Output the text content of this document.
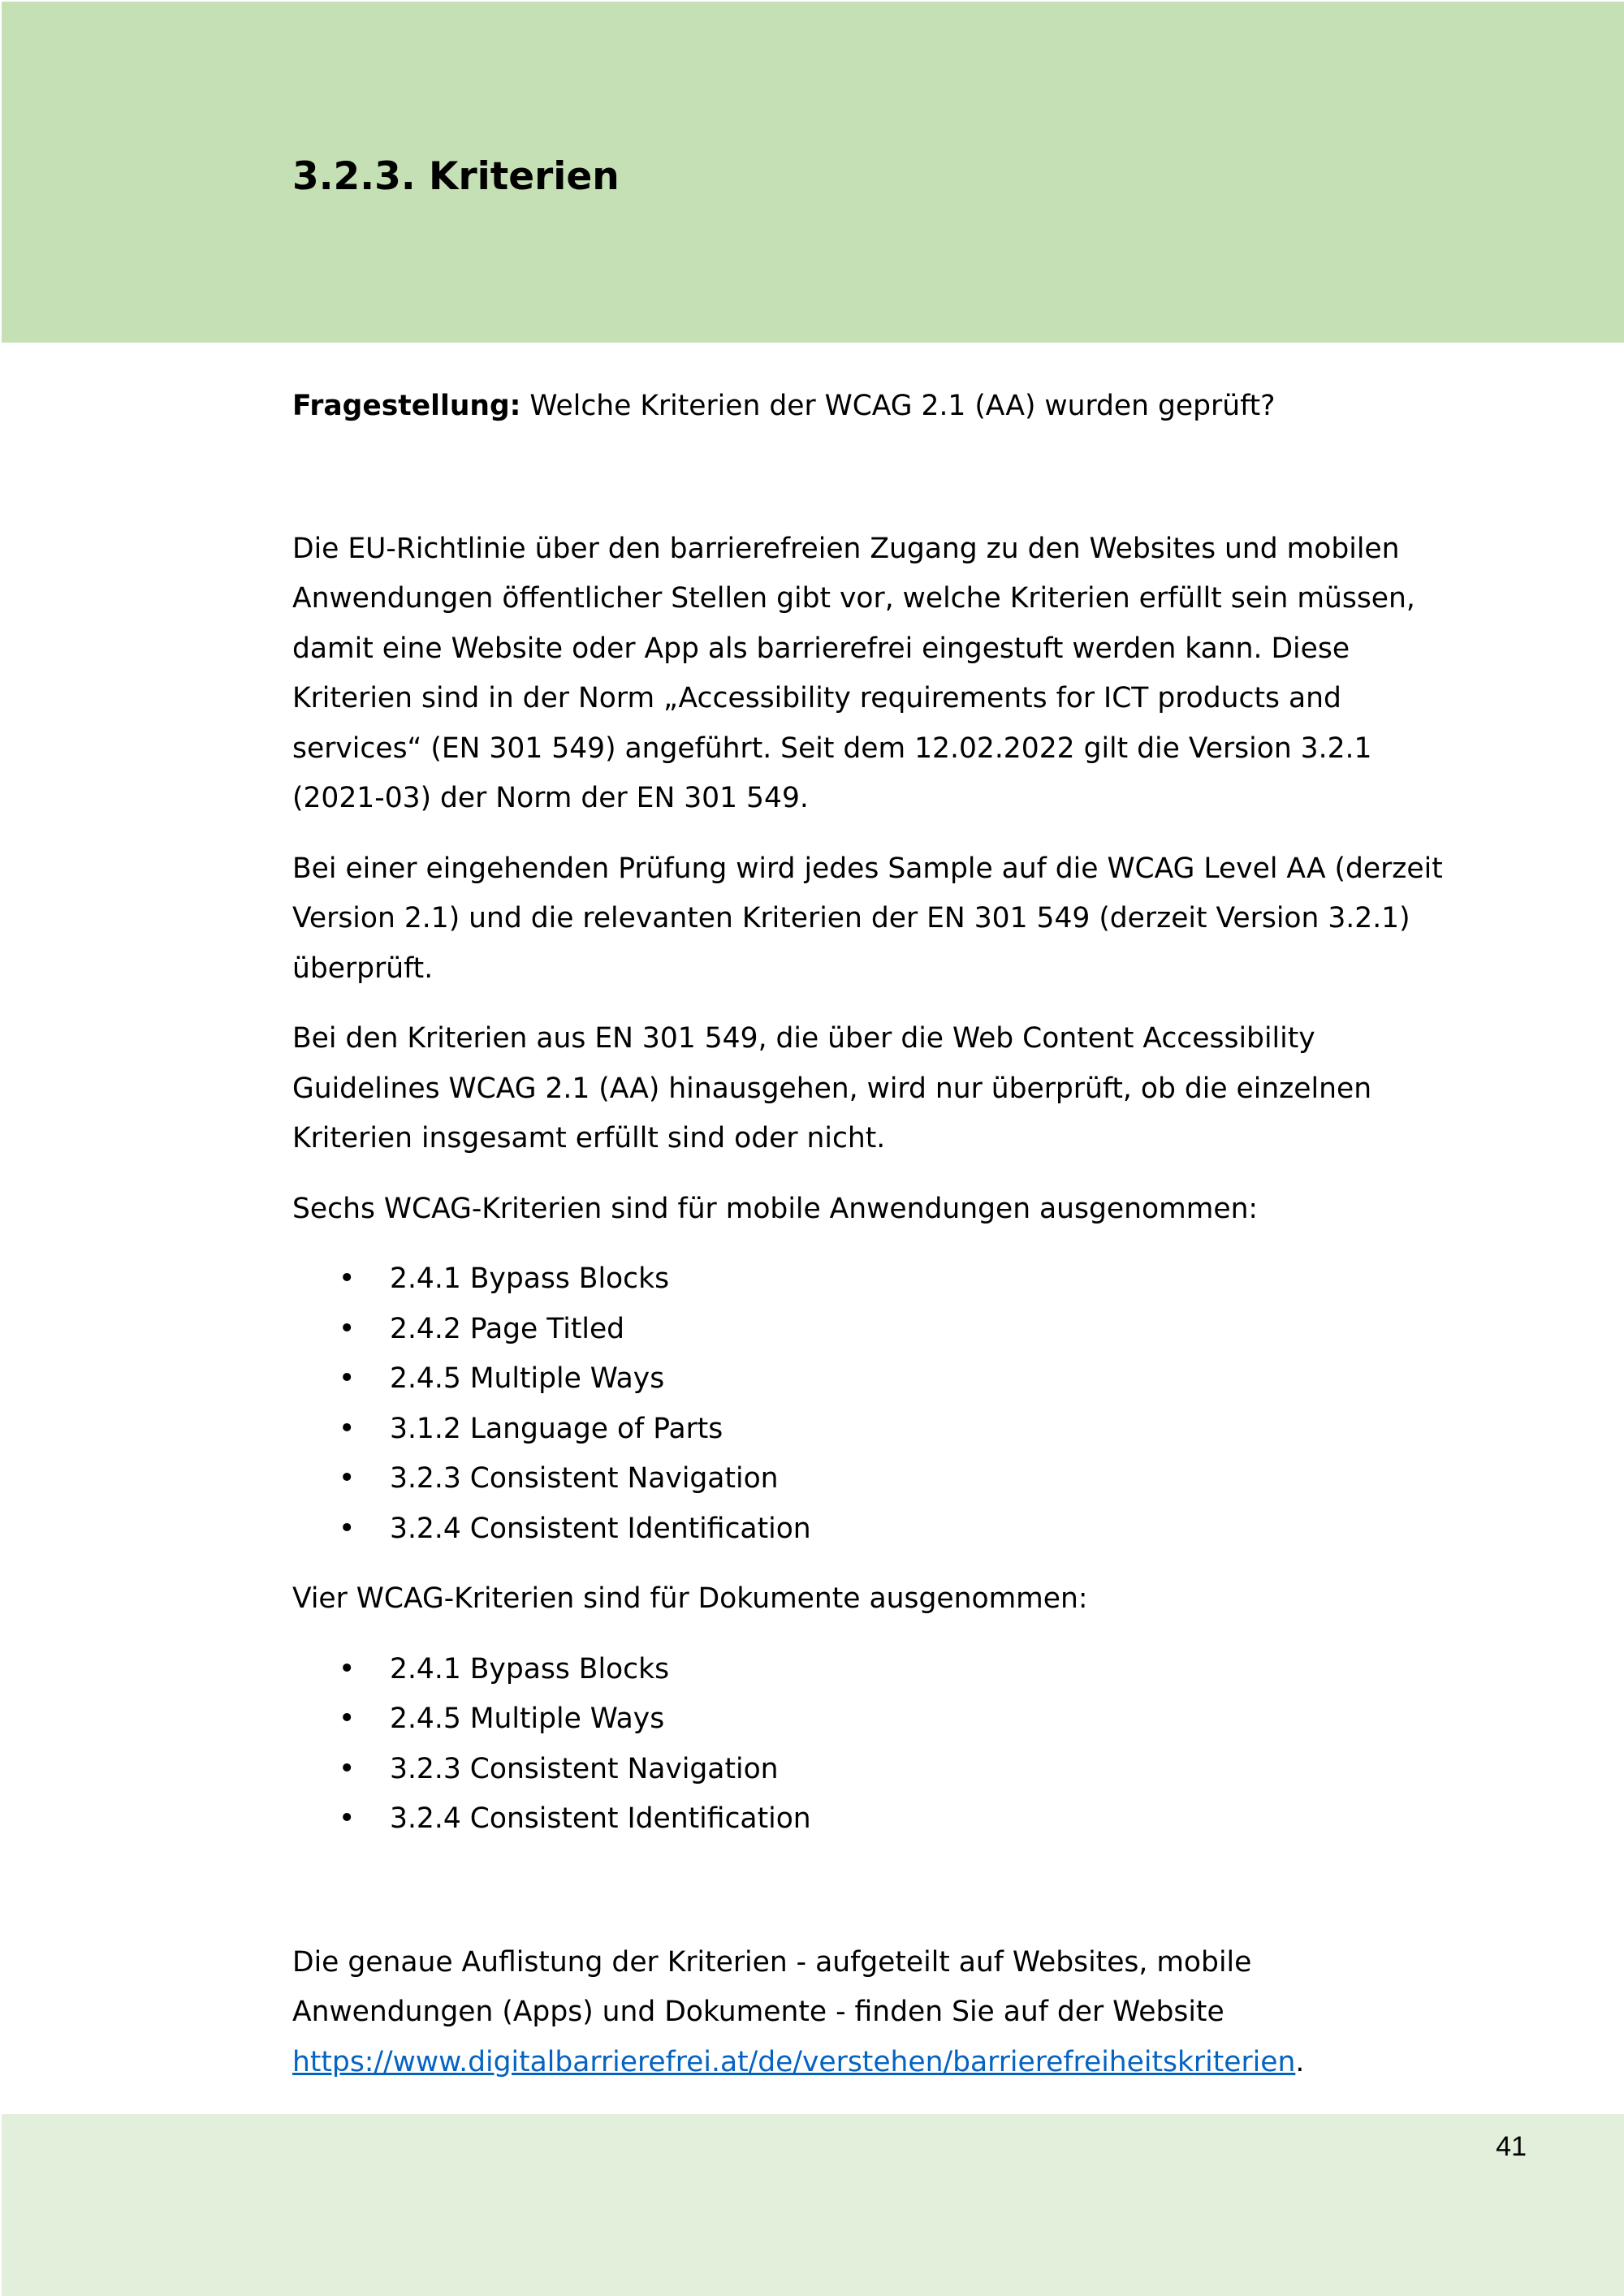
3.2.3. Kriterien

Fragestellung: Welche Kriterien der WCAG 2.1 (AA) wurden geprüft?

Die EU-Richtlinie über den barrierefreien Zugang zu den Websites und mobilen Anwendungen öffentlicher Stellen gibt vor, welche Kriterien erfüllt sein müssen, damit eine Website oder App als barrierefrei eingestuft werden kann. Diese Kriterien sind in der Norm „Accessibility requirements for ICT products and services“ (EN 301 549) angeführt. Seit dem 12.02.2022 gilt die Version 3.2.1 (2021-03) der Norm der EN 301 549.

Bei einer eingehenden Prüfung wird jedes Sample auf die WCAG Level AA (derzeit Version 2.1) und die relevanten Kriterien der EN 301 549 (derzeit Version 3.2.1) überprüft.

Bei den Kriterien aus EN 301 549, die über die Web Content Accessibility Guidelines WCAG 2.1 (AA) hinausgehen, wird nur überprüft, ob die einzelnen Kriterien insgesamt erfüllt sind oder nicht.

Sechs WCAG-Kriterien sind für mobile Anwendungen ausgenommen:

• 2.4.1 Bypass Blocks
• 2.4.2 Page Titled
• 2.4.5 Multiple Ways
• 3.1.2 Language of Parts
• 3.2.3 Consistent Navigation
• 3.2.4 Consistent Identification

Vier WCAG-Kriterien sind für Dokumente ausgenommen:

• 2.4.1 Bypass Blocks
• 2.4.5 Multiple Ways
• 3.2.3 Consistent Navigation
• 3.2.4 Consistent Identification

Die genaue Auflistung der Kriterien - aufgeteilt auf Websites, mobile Anwendungen (Apps) und Dokumente - finden Sie auf der Website https://www.digitalbarrierefrei.at/de/verstehen/barrierefreiheitskriterien.

41
